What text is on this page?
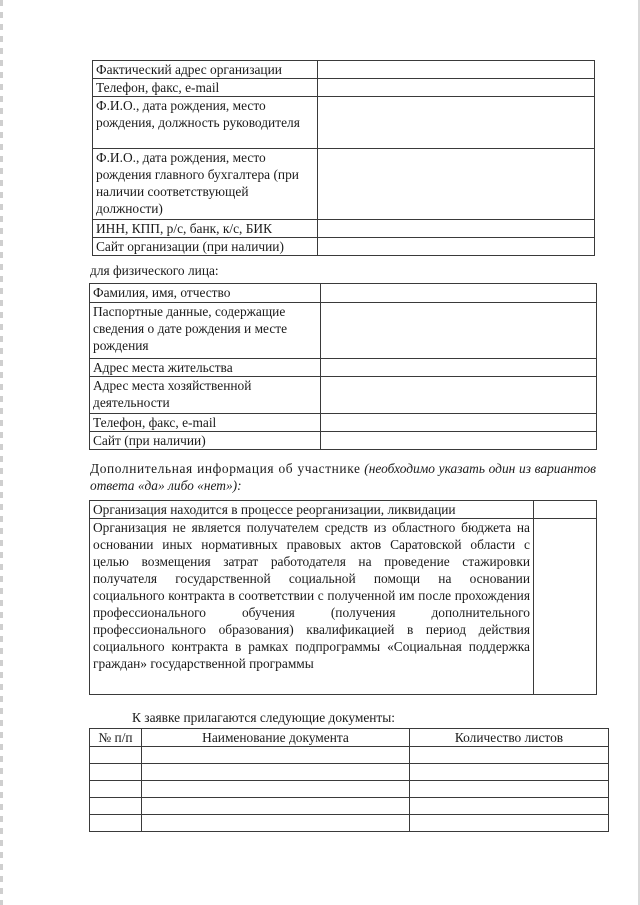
Фактический адрес организации	
Телефон, факс, e-mail	
Ф.И.О., дата рождения, место рождения, должность руководителя	
Ф.И.О., дата рождения, место рождения главного бухгалтера (при наличии соответствующей должности)	
ИНН, КПП, р/с, банк, к/с, БИК	
Сайт организации (при наличии)	
для физического лица:
Фамилия, имя, отчество	
Паспортные данные, содержащие сведения о дате рождения и месте рождения	
Адрес места жительства	
Адрес места хозяйственной деятельности	
Телефон, факс, e-mail	
Сайт (при наличии)	
Дополнительная информация об участнике (необходимо указать один из вариантов ответа «да» либо «нет»):
Организация находится в процессе реорганизации, ликвидации	
Организация не является получателем средств из областного бюджета на основании иных нормативных правовых актов Саратовской области с целью возмещения затрат работодателя на проведение стажировки получателя государственной социальной помощи на основании социального контракта в соответствии с полученной им после прохождения профессионального обучения (получения дополнительного профессионального образования) квалификацией в период действия социального контракта в рамках подпрограммы «Социальная поддержка граждан» государственной программы	
К заявке прилагаются следующие документы:
№ п/п	Наименование документа	Количество листов
